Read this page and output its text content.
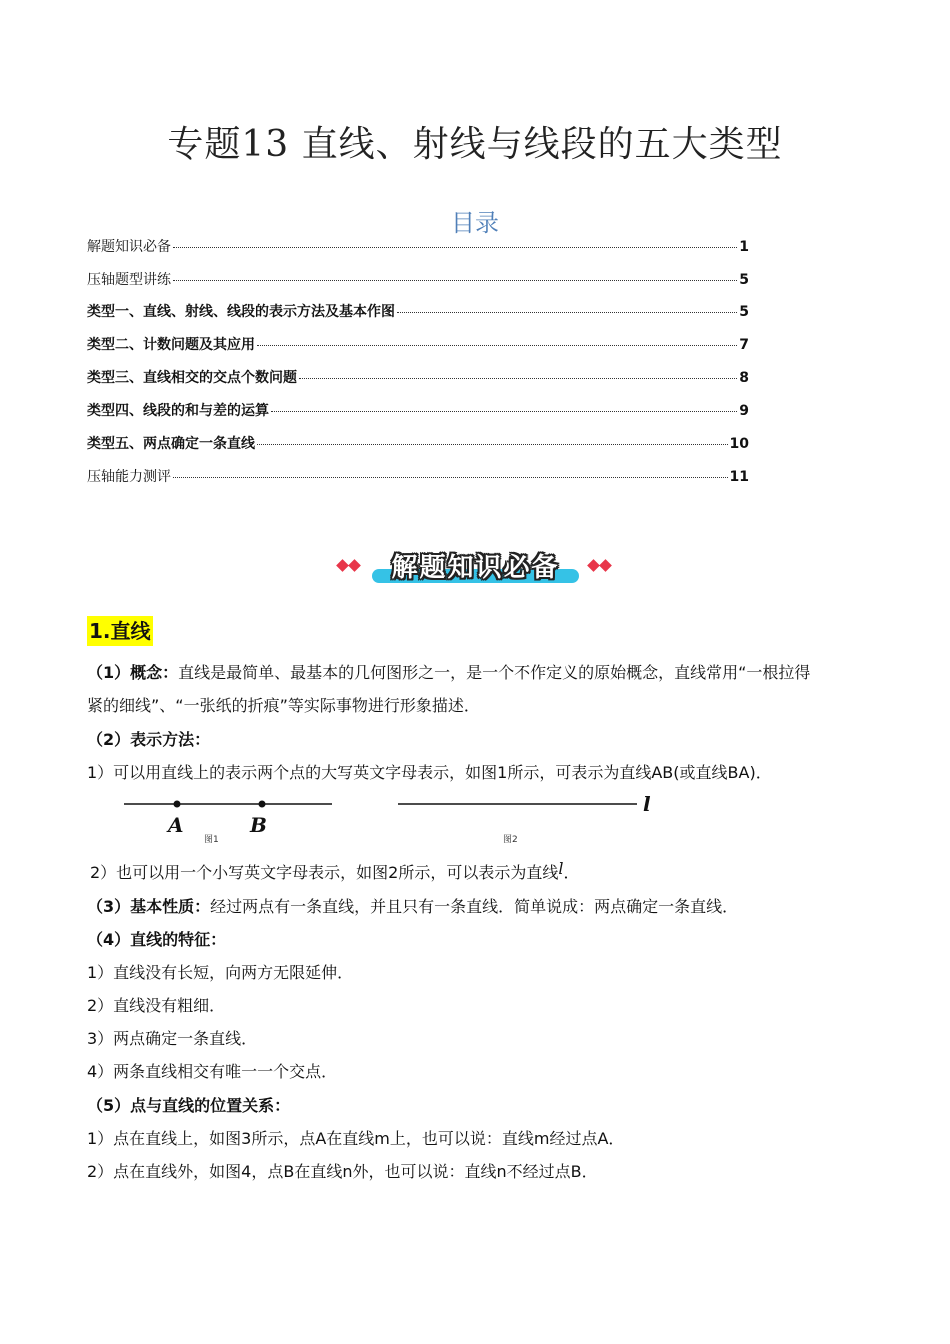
专题13 直线、射线与线段的五大类型
目录
解题知识必备	1
压轴题型讲练	5
类型一、直线、射线、线段的表示方法及基本作图	5
类型二、计数问题及其应用	7
类型三、直线相交的交点个数问题	8
类型四、线段的和与差的运算	9
类型五、两点确定一条直线	10
压轴能力测评	11
解题知识必备
1.直线
（1）概念：直线是最简单、最基本的几何图形之一，是一个不作定义的原始概念，直线常用“一根拉得
紧的细线”、“一张纸的折痕”等实际事物进行形象描述．
（2）表示方法：
1）可以用直线上的表示两个点的大写英文字母表示，如图1所示，可表示为直线AB(或直线BA)．
A	B
图1
l
图2
2）也可以用一个小写英文字母表示，如图2所示，可以表示为直线l．
（3）基本性质：经过两点有一条直线，并且只有一条直线．简单说成：两点确定一条直线．
（4）直线的特征：
1）直线没有长短，向两方无限延伸．
2）直线没有粗细．
3）两点确定一条直线．
4）两条直线相交有唯一一个交点．
（5）点与直线的位置关系：
1）点在直线上，如图3所示，点A在直线m上，也可以说：直线m经过点A．
2）点在直线外，如图4，点B在直线n外，也可以说：直线n不经过点B．
